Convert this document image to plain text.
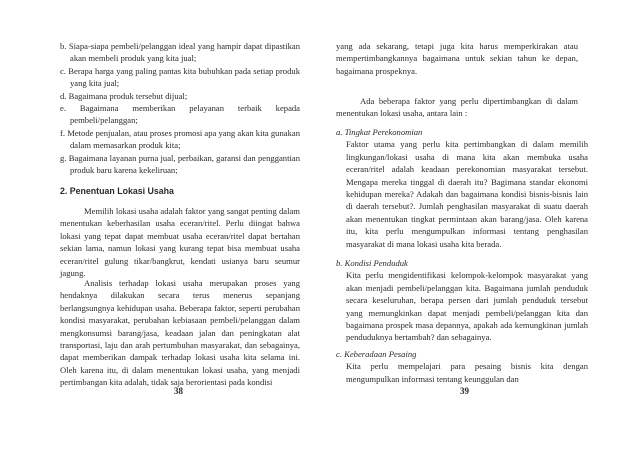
b. Siapa-siapa pembeli/pelanggan ideal yang hampir dapat dipastikan akan membeli produk yang kita jual;
c. Berapa harga yang paling pantas kita bubuhkan pada setiap produk yang kita jual;
d. Bagaimana produk tersebut dijual;
e. Bagaimana memberikan pelayanan terbaik kepada pembeli/pelanggan;
f. Metode penjualan, atau proses promosi apa yang akan kita gunakan dalam memasarkan produk kita;
g. Bagaimana layanan purna jual, perbaikan, garansi dan penggantian produk baru karena kekeliruan;
2. Penentuan Lokasi Usaha

Memilih lokasi usaha adalah faktor yang sangat penting dalam menentukan keberhasilan usaha eceran/ritel. Perlu diingat bahwa lokasi yang tepat dapat membuat usaha eceran/ritel dapat bertahan sekian lama, namun lokasi yang kurang tepat bisa membuat usaha eceran/ritel gulung tikar/bangkrut, kendati usianya baru seumur jagung.

Analisis terhadap lokasi usaha merupakan proses yang hendaknya dilakukan secara terus menerus sepanjang berlangsungnya kehidupan usaha. Beberapa faktor, seperti perubahan kondisi masyarakat, perubahan kebiasaan pembeli/pelanggan dalam mengkonsumsi barang/jasa, keadaan jalan dan peningkatan alat transportasi, laju dan arah pertumbuhan masyarakat, dan sebagainya, dapat memberikan dampak terhadap lokasi usaha kita selama ini. Oleh karena itu, di dalam menentukan lokasi usaha, yang menjadi pertimbangan kita adalah, tidak saja berorientasi pada kondisi

38

yang ada sekarang, tetapi juga kita harus memperkirakan atau mempertimbangkannya bagaimana untuk sekian tahun ke depan, bagaimana prospeknya.

Ada beberapa faktor yang perlu dipertimbangkan di dalam menentukan lokasi usaha, antara lain :

a. Tingkat Perekonomian

Faktor utama yang perlu kita pertimbangkan di dalam memilih lingkungan/lokasi usaha di mana kita akan membuka usaha eceran/ritel adalah keadaan perekonomian masyarakat tersebut. Mengapa mereka tinggal di daerah itu? Bagimana standar ekonomi kehidupan mereka? Adakah dan bagaimana kondisi bisnis-bisnis lain di daerah tersebut?. Jumlah penghasilan masyarakat di suatu daerah akan menentukan tingkat permintaan akan barang/jasa. Oleh karena itu, kita perlu mengumpulkan informasi tentang penghasilan masyarakat di mana lokasi usaha kita berada.

b. Kondisi Penduduk

Kita perlu mengidentifikasi kelompok-kelompok masyarakat yang akan menjadi pembeli/pelanggan kita. Bagaimana jumlah penduduk secara keseluruhan, berapa persen dari jumlah penduduk tersebut yang memungkinkan dapat menjadi pembeli/pelanggan kita dan bagaimana prospek masa depannya, apakah ada kemungkinan jumlah penduduknya bertambah? dan sebagainya.

c. Keberadaan Pesaing

Kita perlu mempelajari para pesaing bisnis kita dengan mengumpulkan informasi tentang keunggulan dan

39
